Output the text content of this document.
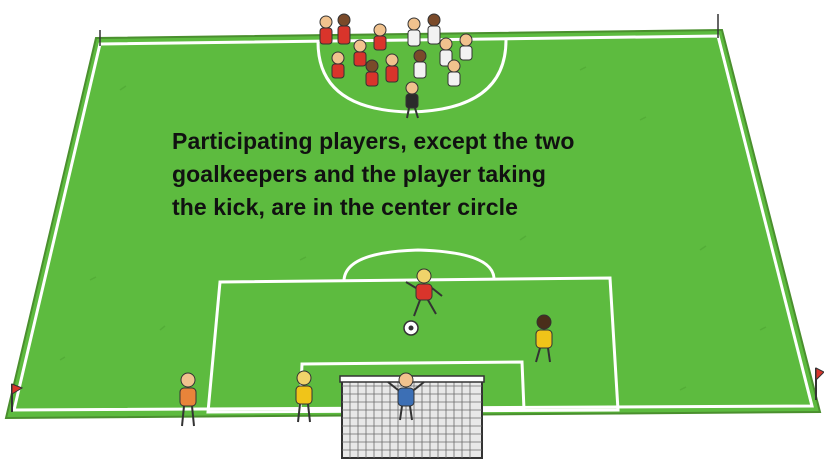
Participating players, except the two
goalkeepers and the player taking
the kick, are in the center circle
